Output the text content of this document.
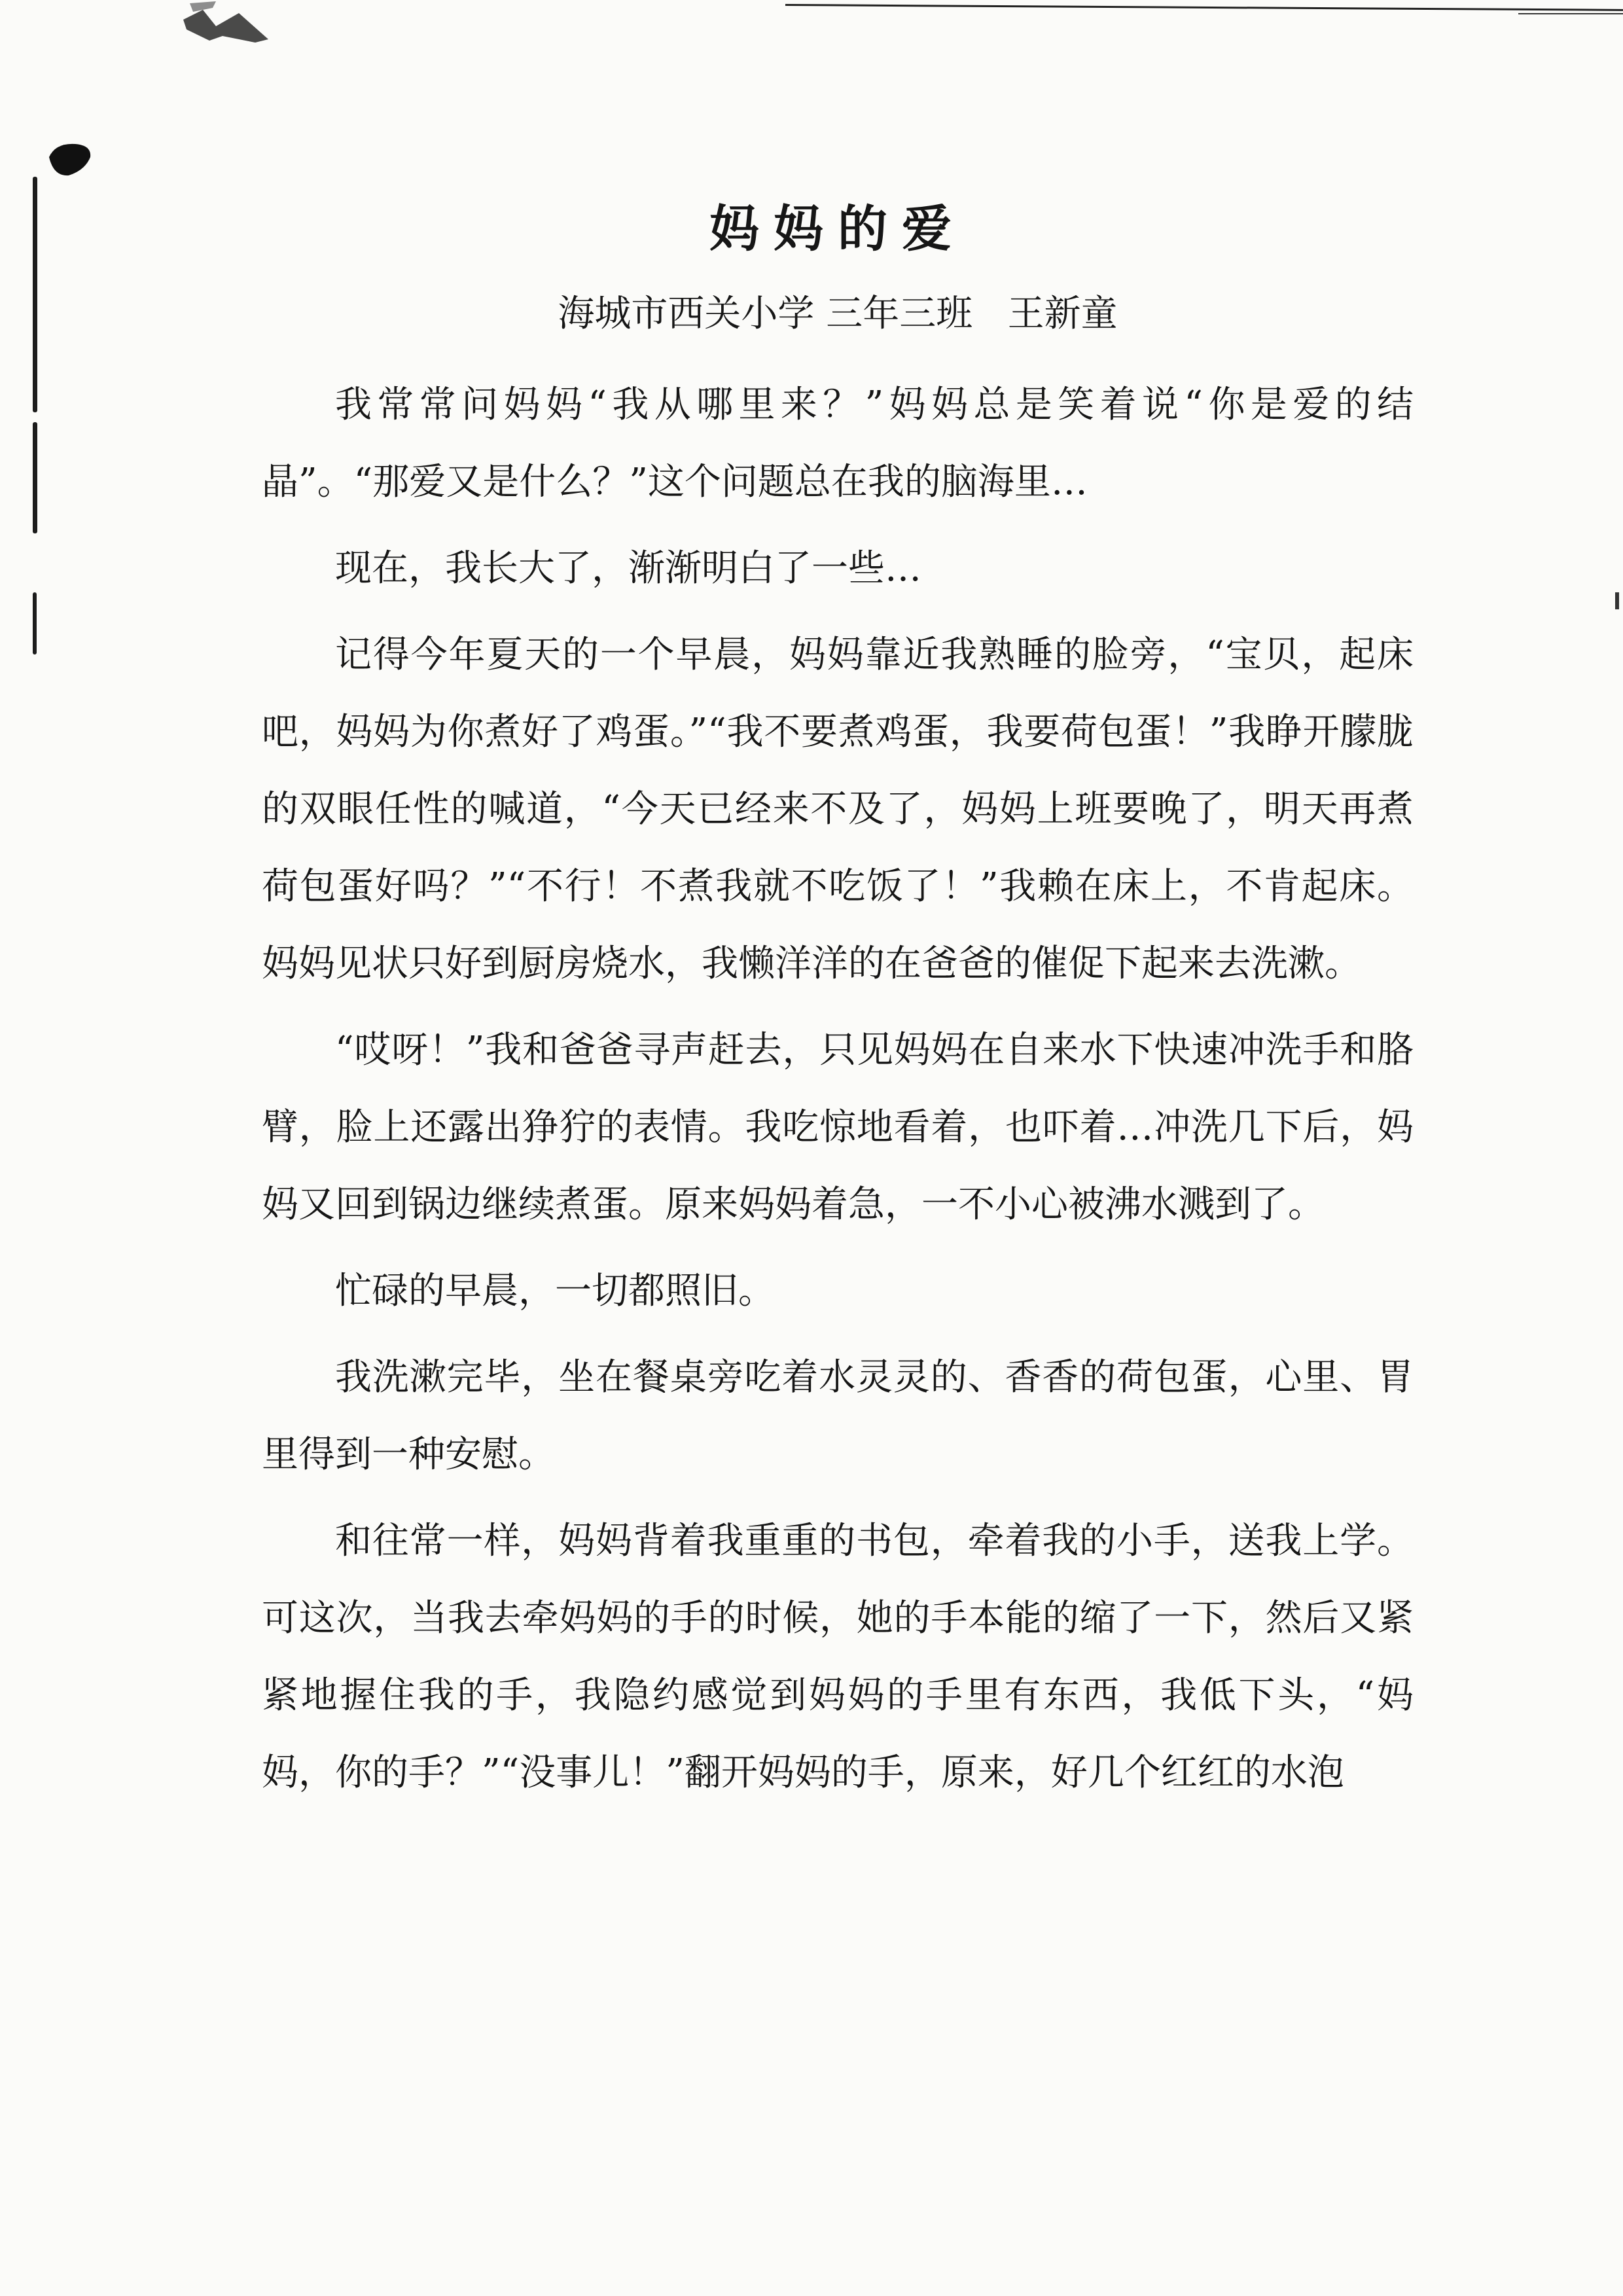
妈妈的爱
海城市西关小学 三年三班   王新童

我常常问妈妈“我从哪里来？”妈妈总是笑着说“你是爱的结晶”。“那爱又是什么？”这个问题总在我的脑海里…

现在，我长大了，渐渐明白了一些…

记得今年夏天的一个早晨，妈妈靠近我熟睡的脸旁，“宝贝，起床吧，妈妈为你煮好了鸡蛋。”“我不要煮鸡蛋，我要荷包蛋！”我睁开朦胧的双眼任性的喊道，“今天已经来不及了，妈妈上班要晚了，明天再煮荷包蛋好吗？”“不行！不煮我就不吃饭了！”我赖在床上，不肯起床。妈妈见状只好到厨房烧水，我懒洋洋的在爸爸的催促下起来去洗漱。

“哎呀！”我和爸爸寻声赶去，只见妈妈在自来水下快速冲洗手和胳臂，脸上还露出狰狞的表情。我吃惊地看着，也吓着…冲洗几下后，妈妈又回到锅边继续煮蛋。原来妈妈着急，一不小心被沸水溅到了。

忙碌的早晨，一切都照旧。

我洗漱完毕，坐在餐桌旁吃着水灵灵的、香香的荷包蛋，心里、胃里得到一种安慰。

和往常一样，妈妈背着我重重的书包，牵着我的小手，送我上学。可这次，当我去牵妈妈的手的时候，她的手本能的缩了一下，然后又紧紧地握住我的手，我隐约感觉到妈妈的手里有东西，我低下头，“妈妈，你的手？”“没事儿！”翻开妈妈的手，原来，好几个红红的水泡
